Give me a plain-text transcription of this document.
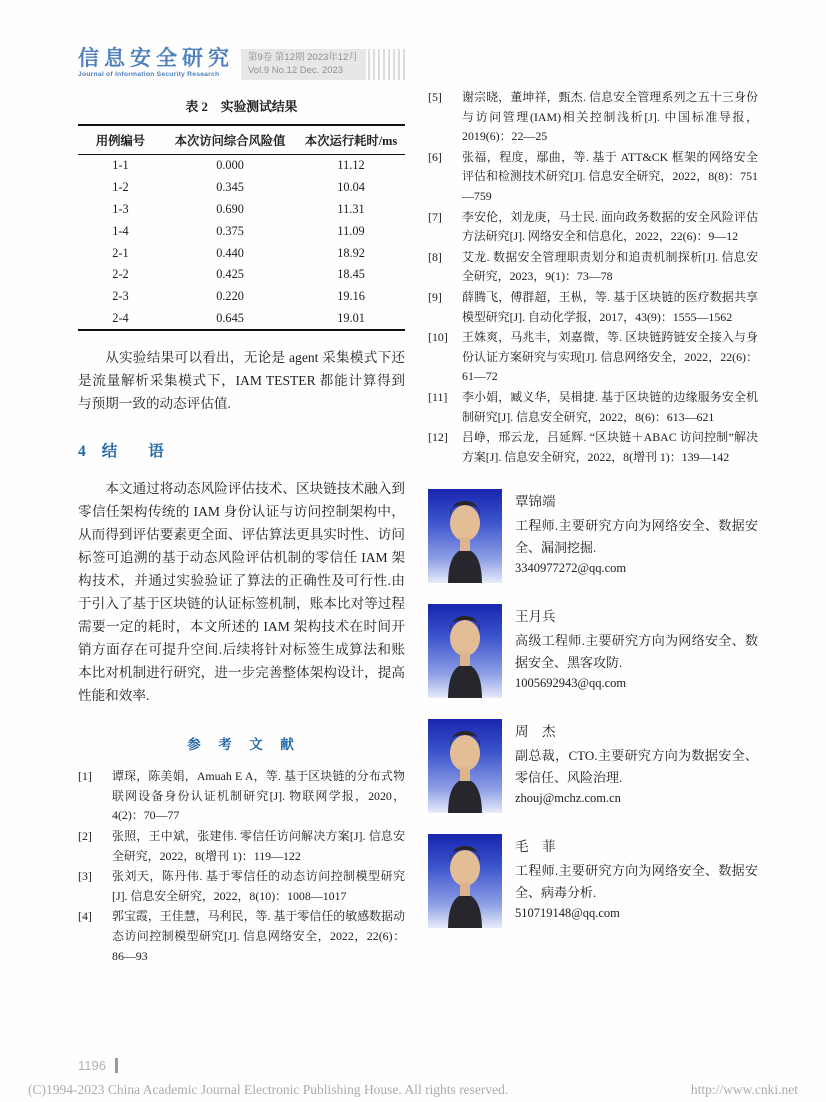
信息安全研究
Journal of Information Security Research
第9卷 第12期 2023年12月
Vol.9 No.12 Dec. 2023
表 2　实验测试结果
用例编号	本次访问综合风险值	本次运行耗时/ms
1-1	0.000	11.12
1-2	0.345	10.04
1-3	0.690	11.31
1-4	0.375	11.09
2-1	0.440	18.92
2-2	0.425	18.45
2-3	0.220	19.16
2-4	0.645	19.01

从实验结果可以看出，无论是 agent 采集模式下还是流量解析采集模式下，IAM TESTER 都能计算得到与预期一致的动态评估值.

4 结　　语

本文通过将动态风险评估技术、区块链技术融入到零信任架构传统的 IAM 身份认证与访问控制架构中，从而得到评估要素更全面、评估算法更具实时性、访问标签可追溯的基于动态风险评估机制的零信任 IAM 架构技术，并通过实验验证了算法的正确性及可行性.由于引入了基于区块链的认证标签机制，账本比对等过程需要一定的耗时，本文所述的 IAM 架构技术在时间开销方面存在可提升空间.后续将针对标签生成算法和账本比对机制进行研究，进一步完善整体架构设计，提高性能和效率.

参　考　文　献
[1]	谭琛，陈美娟，Amuah E A，等. 基于区块链的分布式物联网设备身份认证机制研究[J]. 物联网学报，2020，4(2)：70—77
[2]	张照，王中斌，张建伟. 零信任访问解决方案[J]. 信息安全研究，2022，8(增刊 1)：119—122
[3]	张刘天，陈丹伟. 基于零信任的动态访问控制模型研究[J]. 信息安全研究，2022，8(10)：1008—1017
[4]	郭宝霞，王佳慧，马利民，等. 基于零信任的敏感数据动态访问控制模型研究[J]. 信息网络安全，2022，22(6)：86—93
[5]	谢宗晓，董坤祥，甄杰. 信息安全管理系列之五十三身份与访问管理(IAM)相关控制浅析[J]. 中国标准导报，2019(6)：22—25
[6]	张福，程度，鄢曲，等. 基于 ATT&CK 框架的网络安全评估和检测技术研究[J]. 信息安全研究，2022，8(8)：751—759
[7]	李安伦，刘龙庚，马士民. 面向政务数据的安全风险评估方法研究[J]. 网络安全和信息化，2022，22(6)：9—12
[8]	艾龙. 数据安全管理职责划分和追责机制探析[J]. 信息安全研究，2023，9(1)：73—78
[9]	薛腾飞，傅群超，王枞，等. 基于区块链的医疗数据共享模型研究[J]. 自动化学报，2017，43(9)：1555—1562
[10]	王姝爽，马兆丰，刘嘉微，等. 区块链跨链安全接入与身份认证方案研究与实现[J]. 信息网络安全，2022，22(6)：61—72
[11]	李小娟，臧义华，吴楫捷. 基于区块链的边缘服务安全机制研究[J]. 信息安全研究，2022，8(6)：613—621
[12]	吕峥，邢云龙，吕延辉. “区块链＋ABAC 访问控制”解决方案[J]. 信息安全研究，2022，8(增刊 1)：139—142
覃锦端
工程师.主要研究方向为网络安全、数据安全、漏洞挖掘.
3340977272@qq.com
王月兵
高级工程师.主要研究方向为网络安全、数据安全、黑客攻防.
1005692943@qq.com
周　杰
副总裁，CTO.主要研究方向为数据安全、零信任、风险治理.
zhouj@mchz.com.cn
毛　菲
工程师.主要研究方向为网络安全、数据安全、病毒分析.
510719148@qq.com
1196
(C)1994-2023 China Academic Journal Electronic Publishing House. All rights reserved.	http://www.cnki.net
